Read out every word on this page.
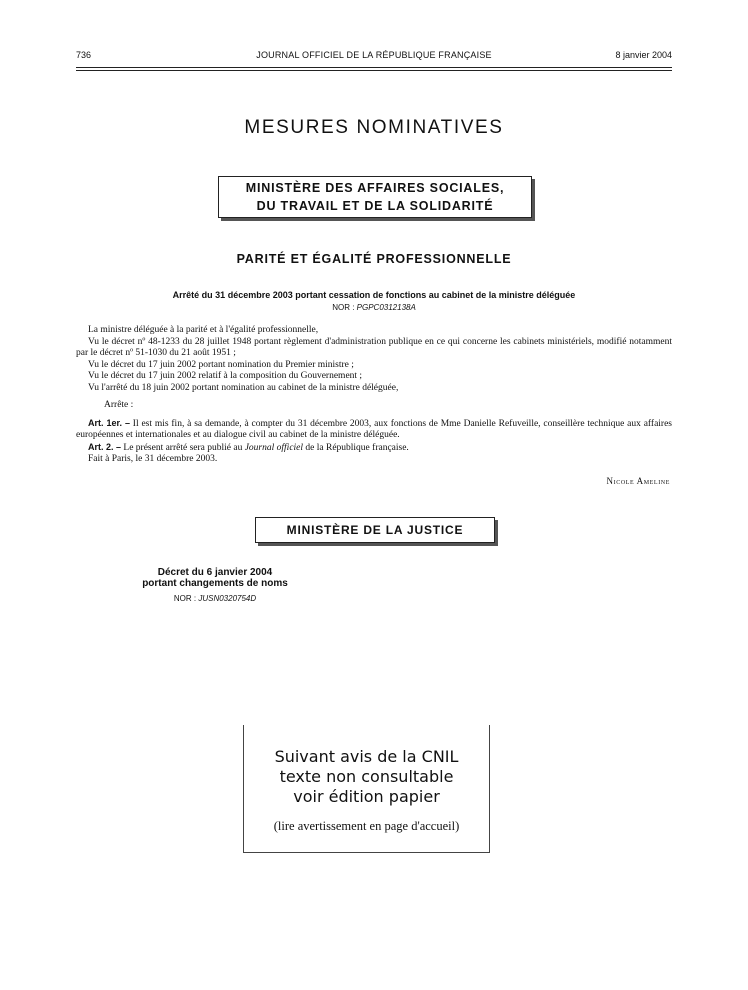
736	JOURNAL OFFICIEL DE LA RÉPUBLIQUE FRANÇAISE	8 janvier 2004
MESURES NOMINATIVES
MINISTÈRE DES AFFAIRES SOCIALES,
DU TRAVAIL ET DE LA SOLIDARITÉ
PARITÉ ET ÉGALITÉ PROFESSIONNELLE
Arrêté du 31 décembre 2003 portant cessation de fonctions au cabinet de la ministre déléguée
NOR : PGPC0312138A

La ministre déléguée à la parité et à l'égalité professionnelle,

Vu le décret nº 48-1233 du 28 juillet 1948 portant règlement d'administration publique en ce qui concerne les cabinets ministériels, modifié notamment par le décret nº 51-1030 du 21 août 1951 ;

Vu le décret du 17 juin 2002 portant nomination du Premier ministre ;

Vu le décret du 17 juin 2002 relatif à la composition du Gouvernement ;

Vu l'arrêté du 18 juin 2002 portant nomination au cabinet de la ministre déléguée,

Arrête :

Art. 1er. – Il est mis fin, à sa demande, à compter du 31 décembre 2003, aux fonctions de Mme Danielle Refuveille, conseillère technique aux affaires européennes et internationales et au dialogue civil au cabinet de la ministre déléguée.

Art. 2. – Le présent arrêté sera publié au Journal officiel de la République française.

Fait à Paris, le 31 décembre 2003.

Nicole Ameline
MINISTÈRE DE LA JUSTICE
Décret du 6 janvier 2004
portant changements de noms
NOR : JUSN0320754D
Suivant avis de la CNIL
texte non consultable
voir édition papier
(lire avertissement en page d'accueil)
